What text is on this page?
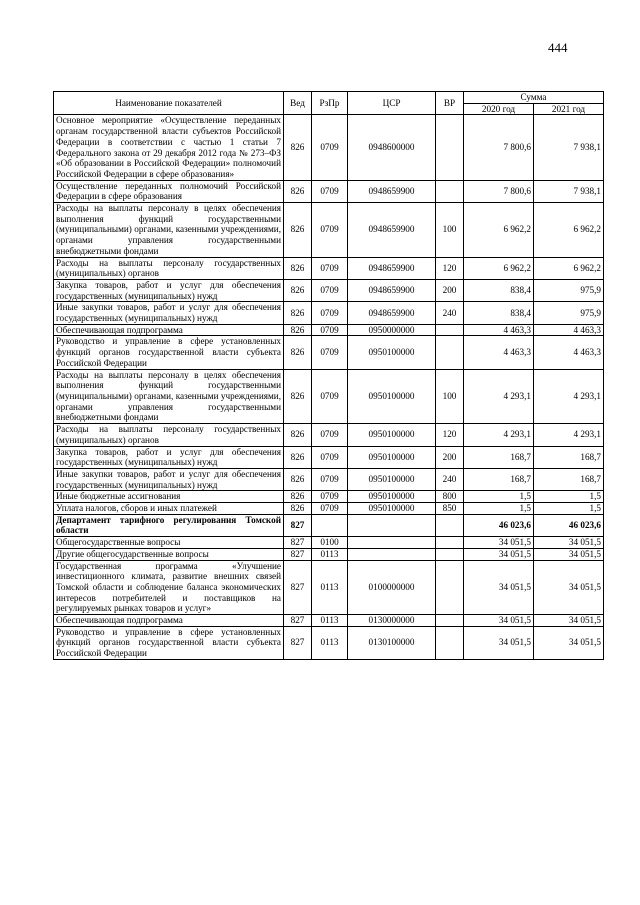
444
Наименование показателей	Вед	РзПр	ЦСР	ВР	Сумма	
					2020 год	2021 год
Основное мероприятие «Осуществление переданных органам государственной власти субъектов Российской Федерации в соответствии с частью 1 статьи 7 Федерального закона от 29 декабря 2012 года № 273–ФЗ «Об образовании в Российской Федерации» полномочий Российской Федерации в сфере образования»	826	0709	0948600000		7 800,6	7 938,1
Осуществление переданных полномочий Российской Федерации в сфере образования	826	0709	0948659900		7 800,6	7 938,1
Расходы на выплаты персоналу в целях обеспечения выполнения функций государственными (муниципальными) органами, казенными учреждениями, органами управления государственными внебюджетными фондами	826	0709	0948659900	100	6 962,2	6 962,2
Расходы на выплаты персоналу государственных (муниципальных) органов	826	0709	0948659900	120	6 962,2	6 962,2
Закупка товаров, работ и услуг для обеспечения государственных (муниципальных) нужд	826	0709	0948659900	200	838,4	975,9
Иные закупки товаров, работ и услуг для обеспечения государственных (муниципальных) нужд	826	0709	0948659900	240	838,4	975,9
Обеспечивающая подпрограмма	826	0709	0950000000		4 463,3	4 463,3
Руководство и управление в сфере установленных функций органов государственной власти субъекта Российской Федерации	826	0709	0950100000		4 463,3	4 463,3
Расходы на выплаты персоналу в целях обеспечения выполнения функций государственными (муниципальными) органами, казенными учреждениями, органами управления государственными внебюджетными фондами	826	0709	0950100000	100	4 293,1	4 293,1
Расходы на выплаты персоналу государственных (муниципальных) органов	826	0709	0950100000	120	4 293,1	4 293,1
Закупка товаров, работ и услуг для обеспечения государственных (муниципальных) нужд	826	0709	0950100000	200	168,7	168,7
Иные закупки товаров, работ и услуг для обеспечения государственных (муниципальных) нужд	826	0709	0950100000	240	168,7	168,7
Иные бюджетные ассигнования	826	0709	0950100000	800	1,5	1,5
Уплата налогов, сборов и иных платежей	826	0709	0950100000	850	1,5	1,5
Департамент тарифного регулирования Томской области	827				46 023,6	46 023,6
Общегосударственные вопросы	827	0100			34 051,5	34 051,5
Другие общегосударственные вопросы	827	0113			34 051,5	34 051,5
Государственная программа «Улучшение инвестиционного климата, развитие внешних связей Томской области и соблюдение баланса экономических интересов потребителей и поставщиков на регулируемых рынках товаров и услуг»	827	0113	0100000000		34 051,5	34 051,5
Обеспечивающая подпрограмма	827	0113	0130000000		34 051,5	34 051,5
Руководство и управление в сфере установленных функций органов государственной власти субъекта Российской Федерации	827	0113	0130100000		34 051,5	34 051,5
